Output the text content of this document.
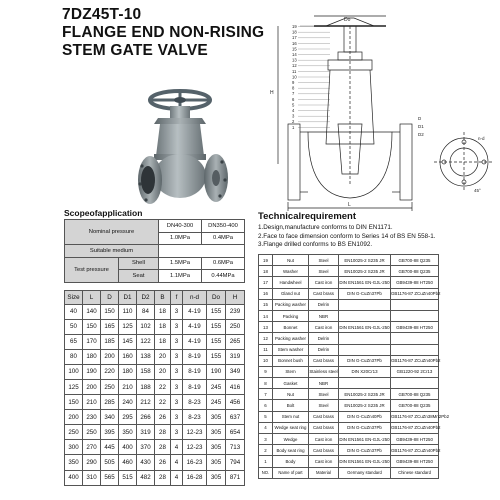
7DZ45T-10
FLANGE END NON-RISING
STEM GATE VALVE
19
18
17
16
15
14
13
12
11
10
9
8
7
6
5
4
3
2
1
Do
L
H
n-d
D
D1
D2
45°
Scopeofapplication
Nominal pressure		DN40-300	DN350-400
		1.0MPa	0.4MPa
Suitable medium			
Test pressure	Shell	1.5MPa	0.6MPa
	Seat	1.1MPa	0.44MPa
Size	L	D	D1	D2	B	f	n-d	Do	H
40	140	150	110	84	18	3	4-19	155	239
50	150	165	125	102	18	3	4-19	155	250
65	170	185	145	122	18	3	4-19	155	265
80	180	200	160	138	20	3	8-19	155	319
100	190	220	180	158	20	3	8-19	190	349
125	200	250	210	188	22	3	8-19	245	416
150	210	285	240	212	22	3	8-23	245	456
200	230	340	295	266	26	3	8-23	305	637
250	250	395	350	319	28	3	12-23	305	654
300	270	445	400	370	28	4	12-23	305	713
350	290	505	460	430	26	4	16-23	305	794
400	310	565	515	482	28	4	16-28	305	871
Technicalrequirement
1.Design,manufacture conforms to DIN EN1171.
2.Face to face dimension conform to Series 14 of BS EN 558-1.
3.Flange drilled conforms to BS EN1092.
19	Nut	Steel	EN10025-2 S235 JR	GB700-88 Q235
18	Washer	Steel	EN10025-2 S235 JR	GB700-88 Q235
17	Handwheel	Cast iron	DIN EN1561 EN-GJL-250	GB9439-88 HT250
16	Gland nut	Cast brass	DIN G-CuZn37Pb	GB1176-87 ZCuZn40Pb2
15	Packing washer	Delrin		
14	Packing	NBR		
13	Bonnet	Cast iron	DIN EN1561 EN-GJL-250	GB9439-88 HT250
12	Packing washer	Delrin		
11	Stem washer	Delrin		
10	Bonnet bush	Cast brass	DIN G-CuZn37Pb	GB1176-87 ZCuZn40Pb2
9	Stem	Stainless steel	DIN X20Cr13	GB1220-92 2Cr13
8	Gasket	NBR		
7	Nut	Steel	EN10025-2 S235 JR	GB700-88 Q235
6	Bolt	Steel	EN10025-2 S235 JR	GB700-88 Q235
5	Stem nut	Cast brass	DIN G-CuZn40Pb	GB1176-87 ZCuZn38Mn2Pb2
4	Wedge seat ring	Cast brass	DIN G-CuZn37Pb	GB1176-87 ZCuZn40Pb2
3	Wedge	Cast iron	DIN EN1561 EN-GJL-250	GB9439-88 HT250
2	Body seat ring	Cast brass	DIN G-CuZn37Pb	GB1176-87 ZCuZn40Pb2
1	Body	Cast iron	DIN EN1561 EN-GJL-250	GB9439-88 HT250
NO.	Name of part	Material	Germany standard	Chinese standard
